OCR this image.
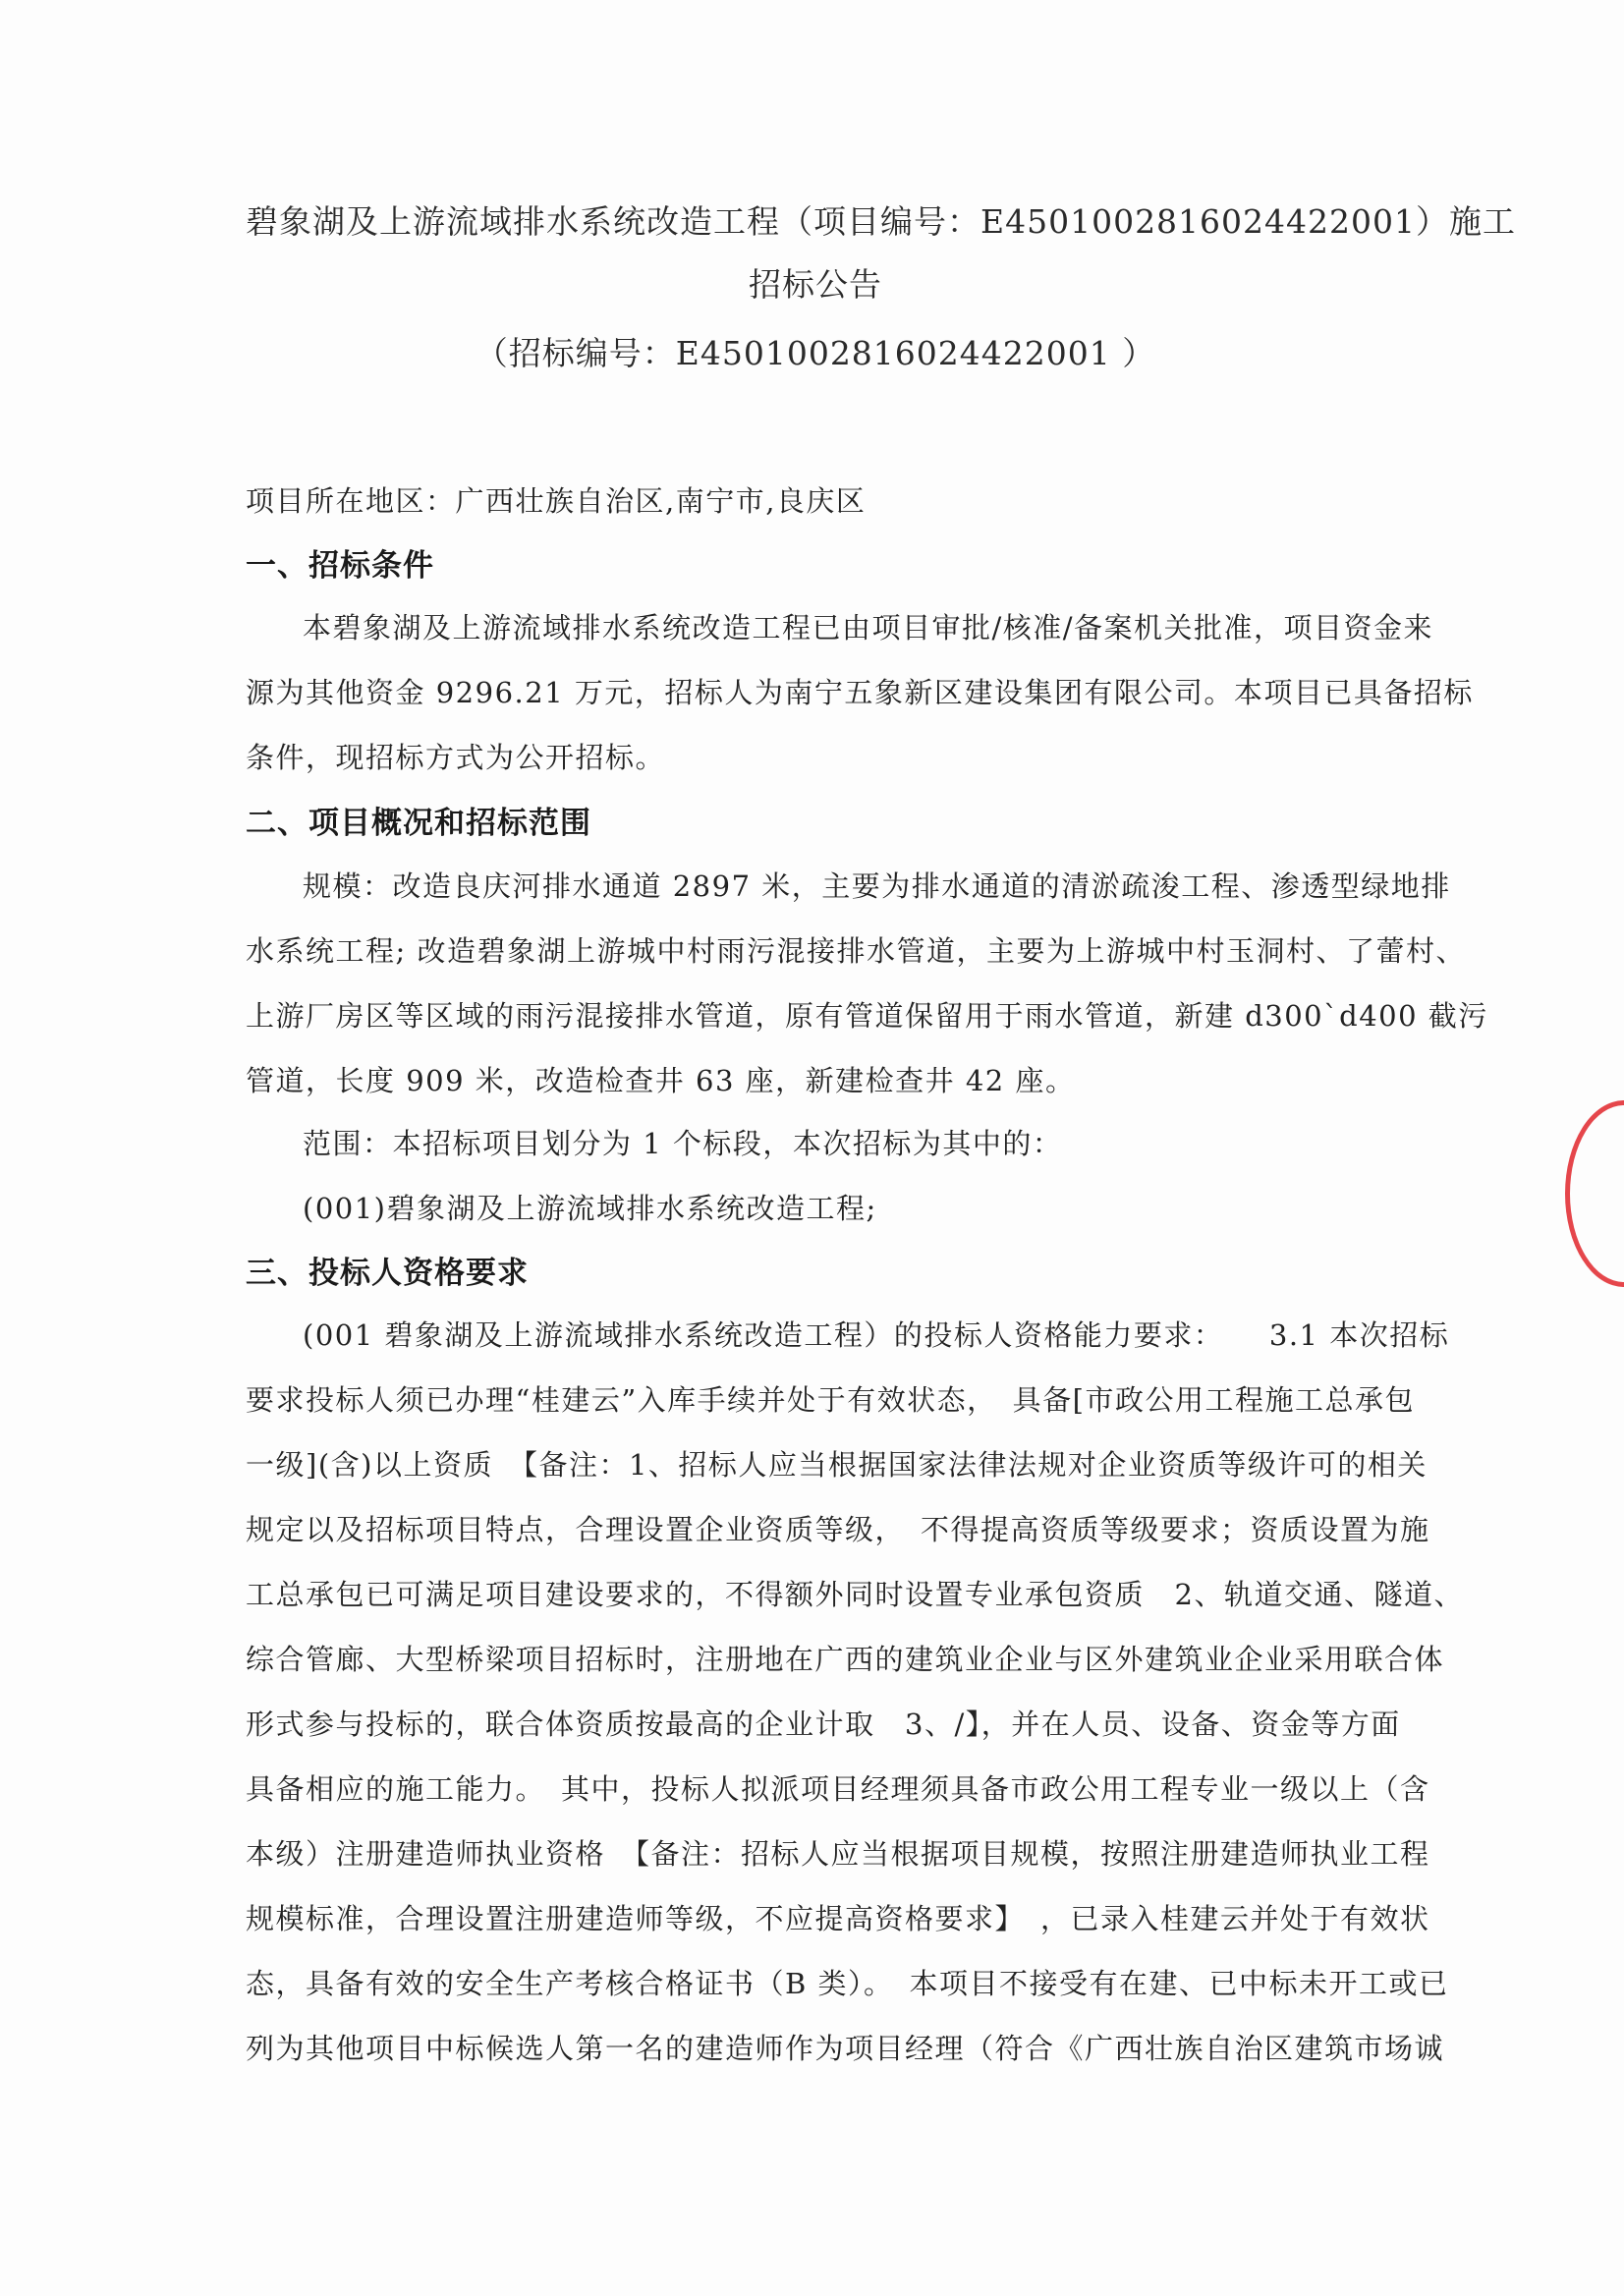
碧象湖及上游流域排水系统改造工程（项目编号：E4501002816024422001）施工
招标公告
（招标编号：E4501002816024422001 ）
项目所在地区：广西壮族自治区,南宁市,良庆区
一、招标条件
本碧象湖及上游流域排水系统改造工程已由项目审批/核准/备案机关批准，项目资金来
源为其他资金 9296.21 万元，招标人为南宁五象新区建设集团有限公司。本项目已具备招标
条件，现招标方式为公开招标。
二、项目概况和招标范围
规模：改造良庆河排水通道 2897 米，主要为排水通道的清淤疏浚工程、渗透型绿地排
水系统工程; 改造碧象湖上游城中村雨污混接排水管道，主要为上游城中村玉洞村、了蕾村、
上游厂房区等区域的雨污混接排水管道，原有管道保留用于雨水管道，新建 d300`d400 截污
管道，长度 909 米，改造检查井 63 座，新建检查井 42 座。
范围：本招标项目划分为 1 个标段，本次招标为其中的：
(001)碧象湖及上游流域排水系统改造工程;
三、投标人资格要求
(001 碧象湖及上游流域排水系统改造工程）的投标人资格能力要求：　　3.1 本次招标
要求投标人须已办理“桂建云”入库手续并处于有效状态，　具备[市政公用工程施工总承包
一级](含)以上资质　【备注：1、招标人应当根据国家法律法规对企业资质等级许可的相关
规定以及招标项目特点，合理设置企业资质等级，　不得提高资质等级要求；资质设置为施
工总承包已可满足项目建设要求的，不得额外同时设置专业承包资质　2、轨道交通、隧道、
综合管廊、大型桥梁项目招标时，注册地在广西的建筑业企业与区外建筑业企业采用联合体
形式参与投标的，联合体资质按最高的企业计取　3、/】，并在人员、设备、资金等方面
具备相应的施工能力。　其中，投标人拟派项目经理须具备市政公用工程专业一级以上（含
本级）注册建造师执业资格　【备注：招标人应当根据项目规模，按照注册建造师执业工程
规模标准，合理设置注册建造师等级，不应提高资格要求】　，已录入桂建云并处于有效状
态，具备有效的安全生产考核合格证书（B 类）。　本项目不接受有在建、已中标未开工或已
列为其他项目中标候选人第一名的建造师作为项目经理（符合《广西壮族自治区建筑市场诚
